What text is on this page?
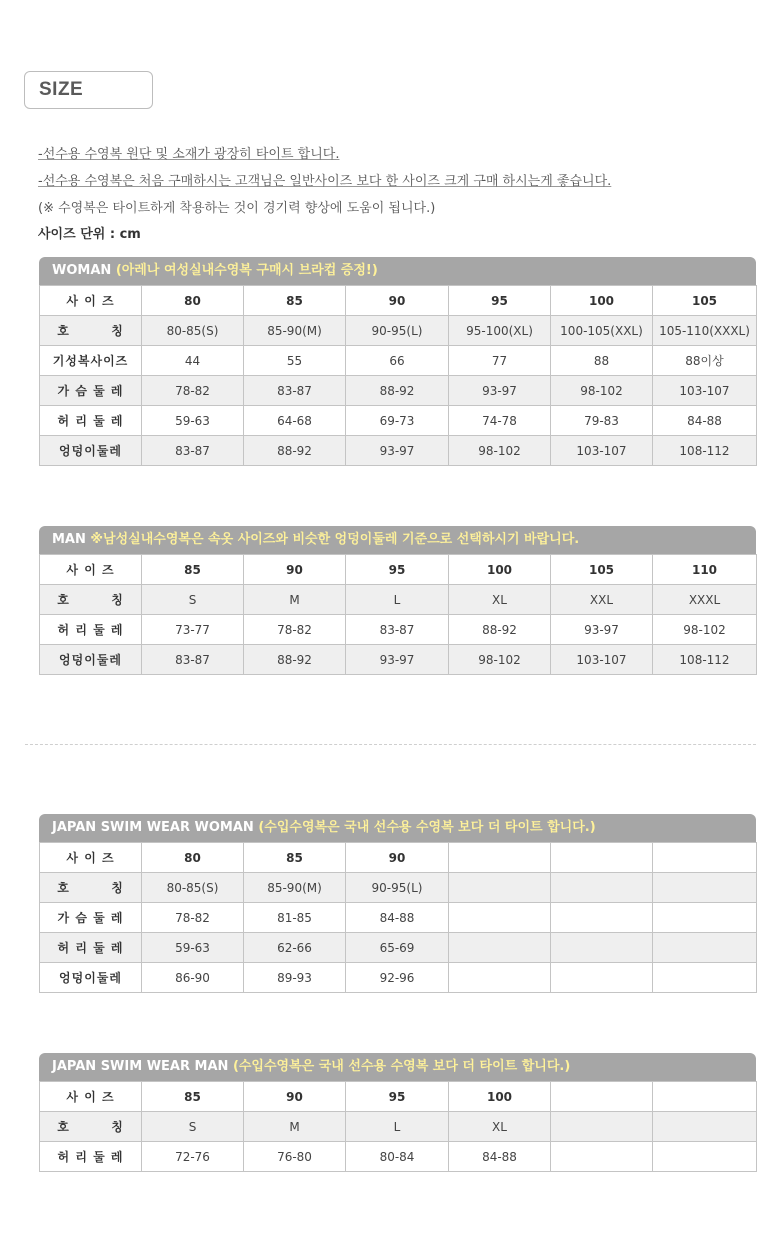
SIZE
-선수용 수영복 원단 및 소재가 광장히 타이트 합니다.
-선수용 수영복은 처음 구매하시는 고객님은 일반사이즈 보다 한 사이즈 크게 구매 하시는게 좋습니다.
(※ 수영복은 타이트하게 착용하는 것이 경기력 향상에 도움이 됩니다.)
사이즈 단위 : cm
WOMAN (아레나 여성실내수영복 구매시 브라컵 증정!)
사 이 즈	80	85	90	95	100	105
호        칭	80-85(S)	85-90(M)	90-95(L)	95-100(XL)	100-105(XXL)	105-110(XXXL)
기성복사이즈	44	55	66	77	88	88이상
가 슴 둘 레	78-82	83-87	88-92	93-97	98-102	103-107
허 리 둘 레	59-63	64-68	69-73	74-78	79-83	84-88
엉덩이둘레	83-87	88-92	93-97	98-102	103-107	108-112
MAN ※남성실내수영복은 속옷 사이즈와 비슷한 엉덩이둘레 기준으로 선택하시기 바랍니다.
사 이 즈	85	90	95	100	105	110
호        칭	S	M	L	XL	XXL	XXXL
허 리 둘 레	73-77	78-82	83-87	88-92	93-97	98-102
엉덩이둘레	83-87	88-92	93-97	98-102	103-107	108-112
JAPAN SWIM WEAR WOMAN (수입수영복은 국내 선수용 수영복 보다 더 타이트 합니다.)
사 이 즈	80	85	90			
호        칭	80-85(S)	85-90(M)	90-95(L)			
가 슴 둘 레	78-82	81-85	84-88			
허 리 둘 레	59-63	62-66	65-69			
엉덩이둘레	86-90	89-93	92-96			
JAPAN SWIM WEAR MAN (수입수영복은 국내 선수용 수영복 보다 더 타이트 합니다.)
사 이 즈	85	90	95	100		
호        칭	S	M	L	XL		
허 리 둘 레	72-76	76-80	80-84	84-88		
